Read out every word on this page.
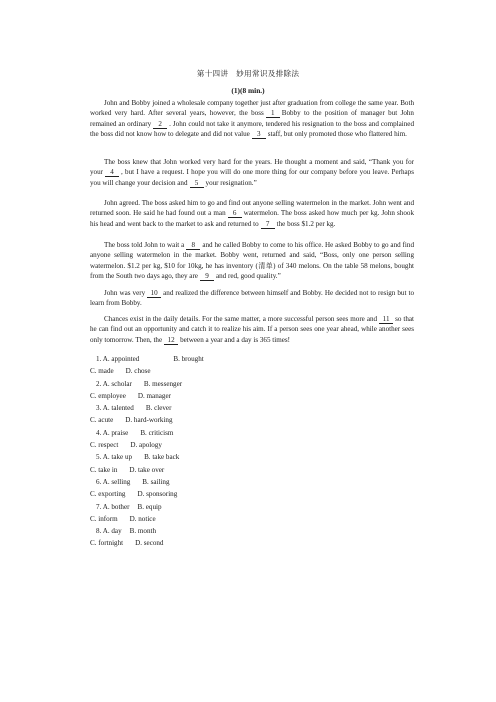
第十四讲　妙用常识及排除法
(1)(8 min.)

John and Bobby joined a wholesale company together just after graduation from college the same year. Both worked very hard. After several years, however, the boss 1 Bobby to the position of manager but John remained an ordinary 2 . John could not take it anymore, tendered his resignation to the boss and complained the boss did not know how to delegate and did not value 3 staff, but only promoted those who flattered him.

The boss knew that John worked very hard for the years. He thought a moment and said, “Thank you for your 4 , but I have a request. I hope you will do one more thing for our company before you leave. Perhaps you will change your decision and 5 your resignation.”

John agreed. The boss asked him to go and find out anyone selling watermelon in the market. John went and returned soon. He said he had found out a man 6 watermelon. The boss asked how much per kg. John shook his head and went back to the market to ask and returned to 7 the boss $1.2 per kg.

The boss told John to wait a 8 and he called Bobby to come to his office. He asked Bobby to go and find anyone selling watermelon in the market. Bobby went, returned and said, “Boss, only one person selling watermelon. $1.2 per kg, $10 for 10kg, he has inventory (清单) of 340 melons. On the table 58 melons, bought from the South two days ago, they are 9 and red, good quality.”

John was very 10 and realized the difference between himself and Bobby. He decided not to resign but to learn from Bobby.

Chances exist in the daily details. For the same matter, a more successful person sees more and 11 so that he can find out an opportunity and catch it to realize his aim. If a person sees one year ahead, while another sees only tomorrow. Then, the 12 between a year and a day is 365 times!

1. A. appointed	B. brought
C. made D. chose
2. A. scholar B. messenger
C. employee D. manager
3. A. talented B. clever
C. acute D. hard-working
4. A. praise B. criticism
C. respect D. apology
5. A. take up B. take back
C. take in D. take over
6. A. selling B. sailing
C. exporting D. sponsoring
7. A. bother B. equip
C. inform D. notice
8. A. day B. month
C. fortnight D. second
